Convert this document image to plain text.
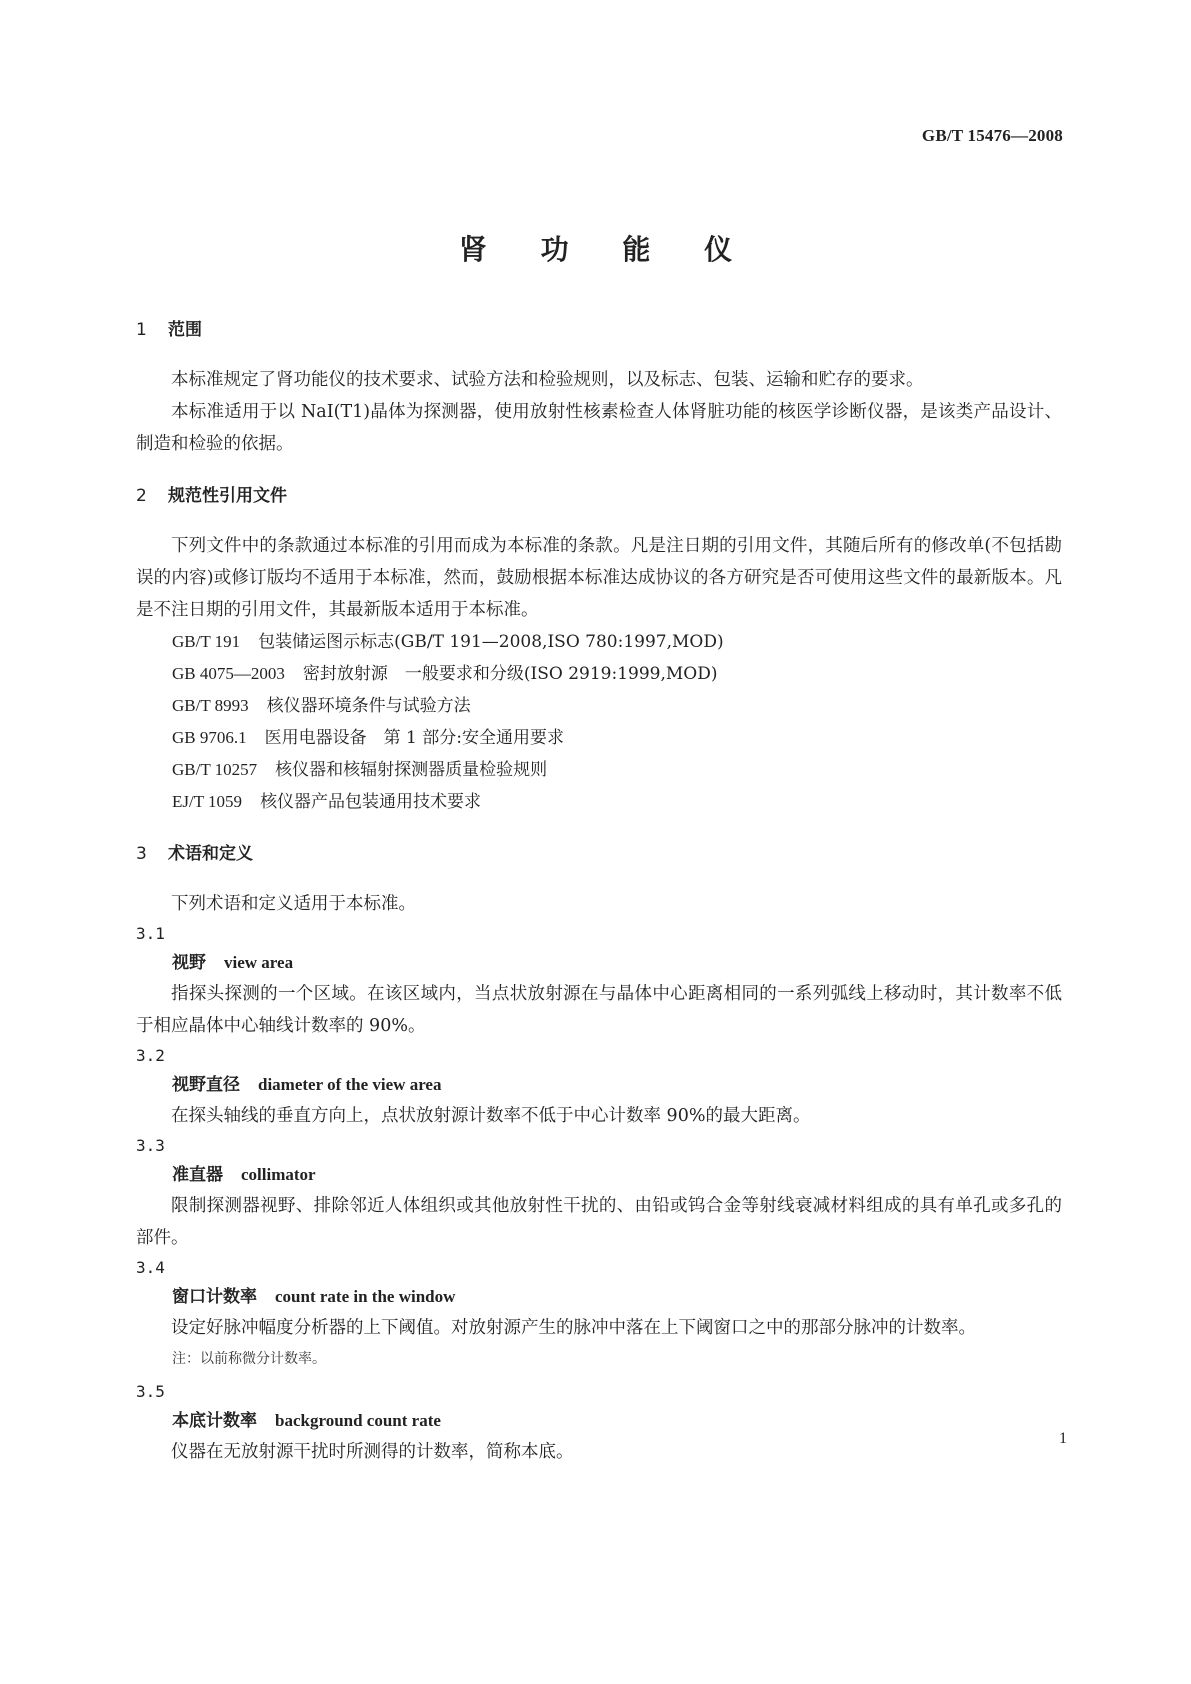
GB/T 15476—2008
肾 功 能 仪
1 范围

本标准规定了肾功能仪的技术要求、试验方法和检验规则，以及标志、包装、运输和贮存的要求。

本标准适用于以 NaI(T1)晶体为探测器，使用放射性核素检查人体肾脏功能的核医学诊断仪器，是该类产品设计、制造和检验的依据。

2 规范性引用文件

下列文件中的条款通过本标准的引用而成为本标准的条款。凡是注日期的引用文件，其随后所有的修改单(不包括勘误的内容)或修订版均不适用于本标准，然而，鼓励根据本标准达成协议的各方研究是否可使用这些文件的最新版本。凡是不注日期的引用文件，其最新版本适用于本标准。

GB/T 191 包装储运图示标志(GB/T 191—2008,ISO 780:1997,MOD)

GB 4075—2003 密封放射源　一般要求和分级(ISO 2919:1999,MOD)

GB/T 8993 核仪器环境条件与试验方法

GB 9706.1 医用电器设备　第 1 部分:安全通用要求

GB/T 10257 核仪器和核辐射探测器质量检验规则

EJ/T 1059 核仪器产品包装通用技术要求

3 术语和定义

下列术语和定义适用于本标准。

3.1

视野 view area

指探头探测的一个区域。在该区域内，当点状放射源在与晶体中心距离相同的一系列弧线上移动时，其计数率不低于相应晶体中心轴线计数率的 90%。

3.2

视野直径 diameter of the view area

在探头轴线的垂直方向上，点状放射源计数率不低于中心计数率 90%的最大距离。

3.3

准直器 collimator

限制探测器视野、排除邻近人体组织或其他放射性干扰的、由铅或钨合金等射线衰减材料组成的具有单孔或多孔的部件。

3.4

窗口计数率 count rate in the window

设定好脉冲幅度分析器的上下阈值。对放射源产生的脉冲中落在上下阈窗口之中的那部分脉冲的计数率。

注：以前称微分计数率。

3.5

本底计数率 background count rate

仪器在无放射源干扰时所测得的计数率，简称本底。

1
